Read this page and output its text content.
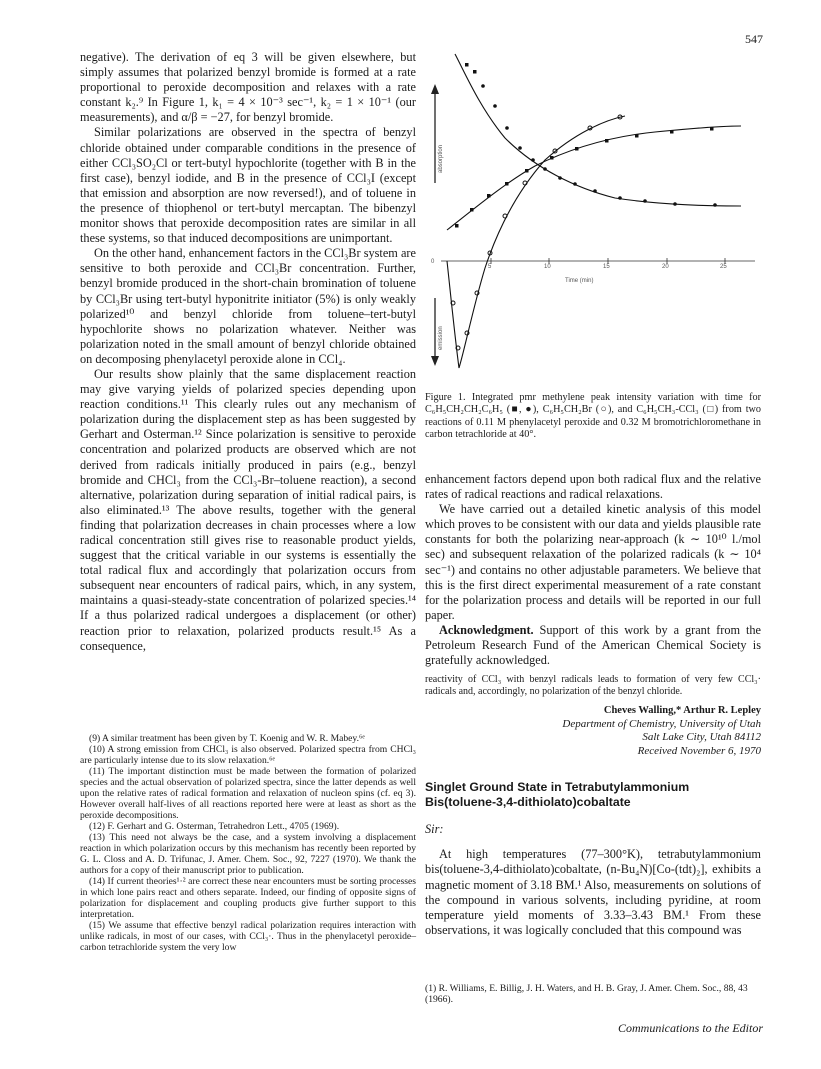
547

negative). The derivation of eq 3 will be given elsewhere, but simply assumes that polarized benzyl bromide is formed at a rate proportional to peroxide decomposition and relaxes with a rate constant k₂.⁹ In Figure 1, k₁ = 4 × 10⁻³ sec⁻¹, k₂ = 1 × 10⁻¹ (our measurements), and α/β = −27, for benzyl bromide.

Similar polarizations are observed in the spectra of benzyl chloride obtained under comparable conditions in the presence of either CCl₃SO₂Cl or tert-butyl hypochlorite (together with B in the first case), benzyl iodide, and B in the presence of CCl₃I (except that emission and absorption are now reversed!), and of toluene in the presence of thiophenol or tert-butyl mercaptan. The bibenzyl monitor shows that peroxide decomposition rates are similar in all these systems, so that induced decompositions are unimportant.

On the other hand, enhancement factors in the CCl₃Br system are sensitive to both peroxide and CCl₃Br concentration. Further, benzyl bromide produced in the short-chain bromination of toluene by CCl₃Br using tert-butyl hyponitrite initiator (5%) is only weakly polarized¹⁰ and benzyl chloride from toluene–tert-butyl hypochlorite shows no polarization whatever. Neither was polarization noted in the small amount of benzyl chloride obtained on decomposing phenylacetyl peroxide alone in CCl₄.

Our results show plainly that the same displacement reaction may give varying yields of polarized species depending upon reaction conditions.¹¹ This clearly rules out any mechanism of polarization during the displacement step as has been suggested by Gerhart and Osterman.¹² Since polarization is sensitive to peroxide concentration and polarized products are observed which are not derived from radicals initially produced in pairs (e.g., benzyl bromide and CHCl₃ from the CCl₃-Br–toluene reaction), a second alternative, polarization during separation of initial radical pairs, is also eliminated.¹³ The above results, together with the general finding that polarization decreases in chain processes where a low radical concentration still gives rise to reasonable product yields, suggest that the critical variable in our systems is essentially the total radical flux and accordingly that polarization occurs from subsequent near encounters of radical pairs, which, in any system, maintains a quasi-steady-state concentration of polarized species.¹⁴ If a thus polarized radical undergoes a displacement (or other) reaction prior to relaxation, polarized products result.¹⁵ As a consequence,

(9) A similar treatment has been given by T. Koenig and W. R. Mabey.⁶ᵉ

(10) A strong emission from CHCl₃ is also observed. Polarized spectra from CHCl₃ are particularly intense due to its slow relaxation.⁶ᵉ

(11) The important distinction must be made between the formation of polarized species and the actual observation of polarized spectra, since the latter depends as well upon the relative rates of radical formation and relaxation of nucleon spins (cf. eq 3). However overall half-lives of all reactions reported here were at least as short as the peroxide decompositions.

(12) F. Gerhart and G. Osterman, Tetrahedron Lett., 4705 (1969).

(13) This need not always be the case, and a system involving a displacement reaction in which polarization occurs by this mechanism has recently been reported by G. L. Closs and A. D. Trifunac, J. Amer. Chem. Soc., 92, 7227 (1970). We thank the authors for a copy of their manuscript prior to publication.

(14) If current theories¹·² are correct these near encounters must be sorting processes in which lone pairs react and others separate. Indeed, our finding of opposite signs of polarization for displacement and coupling products give further support to this interpretation.

(15) We assume that effective benzyl radical polarization requires interaction with unlike radicals, in most of our cases, with CCl₃·. Thus in the phenylacetyl peroxide–carbon tetrachloride system the very low

absorption
emission
0
5	10	15	20	25
Time (min)
Figure 1. Integrated pmr methylene peak intensity variation with time for C₆H₅CH₂CH₂C₆H₅ (■, ●), C₆H₅CH₂Br (○), and C₆H₅CH₃-CCl₃ (□) from two reactions of 0.11 M phenylacetyl peroxide and 0.32 M bromotrichloromethane in carbon tetrachloride at 40°.

enhancement factors depend upon both radical flux and the relative rates of radical reactions and radical relaxations.

We have carried out a detailed kinetic analysis of this model which proves to be consistent with our data and yields plausible rate constants for both the polarizing near-approach (k ∼ 10¹⁰ l./mol sec) and subsequent relaxation of the polarized radicals (k ∼ 10⁴ sec⁻¹) and contains no other adjustable parameters. We believe that this is the first direct experimental measurement of a rate constant for the polarization process and details will be reported in our full paper.

Acknowledgment. Support of this work by a grant from the Petroleum Research Fund of the American Chemical Society is gratefully acknowledged.

reactivity of CCl₃ with benzyl radicals leads to formation of very few CCl₃· radicals and, accordingly, no polarization of the benzyl chloride.

Cheves Walling,* Arthur R. Lepley
Department of Chemistry, University of Utah
Salt Lake City, Utah 84112
Received November 6, 1970
Singlet Ground State in Tetrabutylammonium
Bis(toluene-3,4-dithiolato)cobaltate
Sir:

At high temperatures (77–300°K), tetrabutylammonium bis(toluene-3,4-dithiolato)cobaltate, (n-Bu₄N)[Co-(tdt)₂], exhibits a magnetic moment of 3.18 BM.¹ Also, measurements on solutions of the compound in various solvents, including pyridine, at room temperature yield moments of 3.33–3.43 BM.¹ From these observations, it was logically concluded that this compound was

(1) R. Williams, E. Billig, J. H. Waters, and H. B. Gray, J. Amer. Chem. Soc., 88, 43 (1966).
Communications to the Editor
